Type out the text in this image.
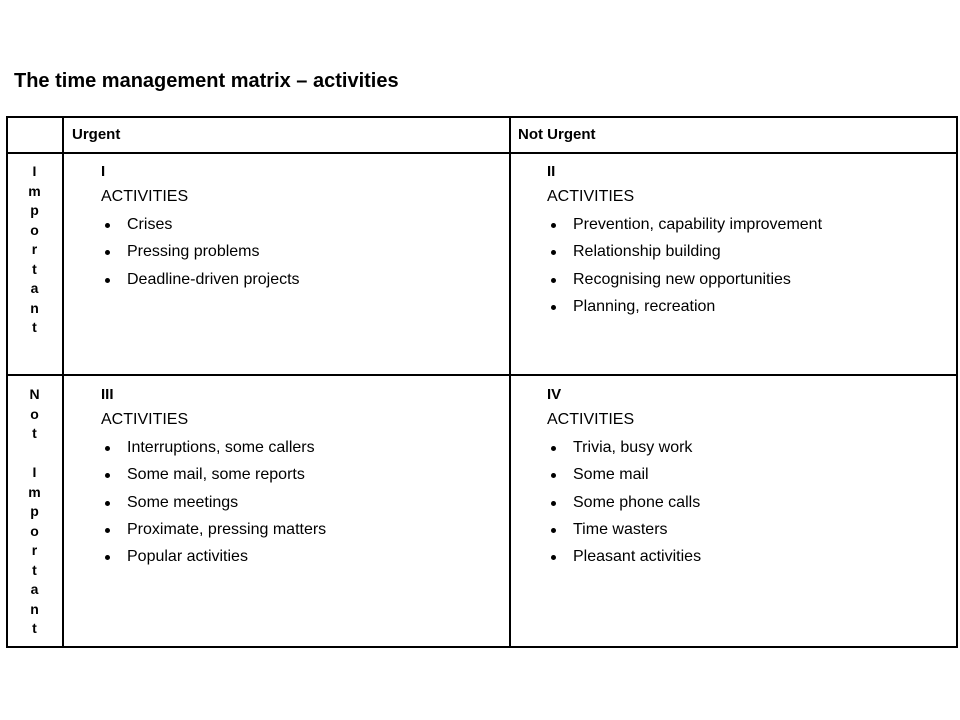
The time management matrix – activities
Urgent	Not Urgent
I
m
p
o
r
t
a
n
t
N
o
t

I
m
p
o
r
t
a
n
t
I
ACTIVITIES
Crises
Pressing problems
Deadline-driven projects
II
ACTIVITIES
Prevention, capability improvement
Relationship building
Recognising new opportunities
Planning, recreation
III
ACTIVITIES
Interruptions, some callers
Some mail, some reports
Some meetings
Proximate, pressing matters
Popular activities
IV
ACTIVITIES
Trivia, busy work
Some mail
Some phone calls
Time wasters
Pleasant activities
